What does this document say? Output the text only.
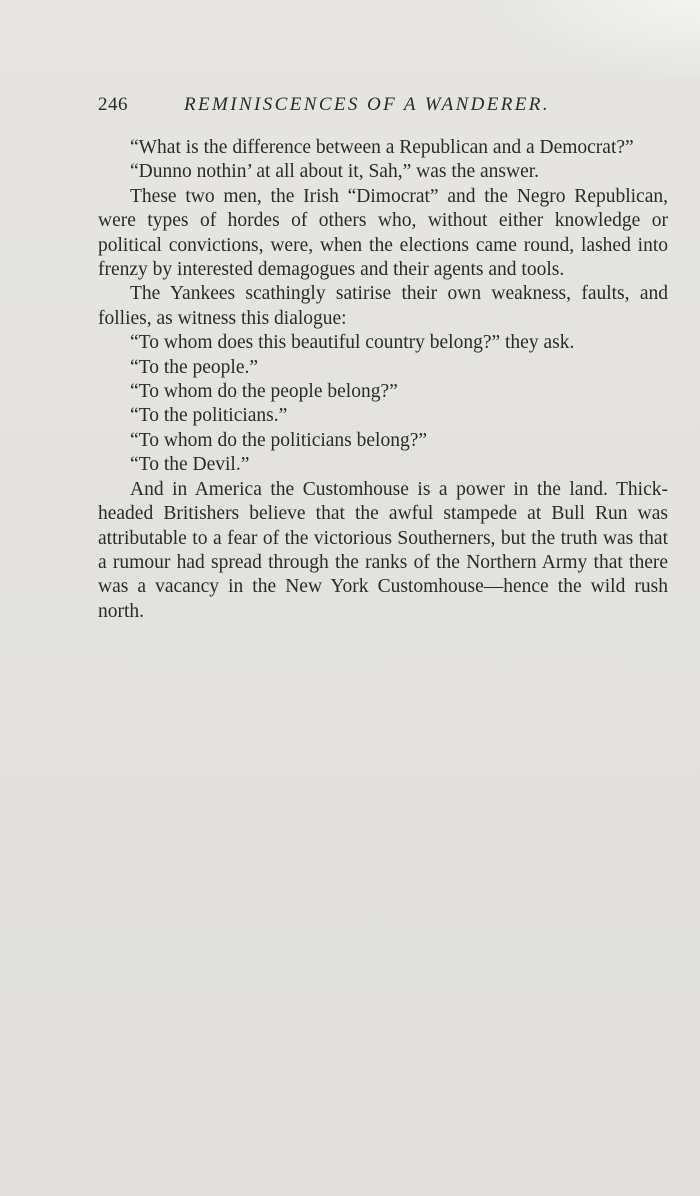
246	REMINISCENCES OF A WANDERER.

“What is the difference between a Republican and a Democrat?”

“Dunno nothin’ at all about it, Sah,” was the answer.

These two men, the Irish “Dimocrat” and the Negro Republican, were types of hordes of others who, without either knowledge or political convictions, were, when the elections came round, lashed into frenzy by interested demagogues and their agents and tools.

The Yankees scathingly satirise their own weakness, faults, and follies, as witness this dialogue:

“To whom does this beautiful country belong?” they ask.

“To the people.”

“To whom do the people belong?”

“To the politicians.”

“To whom do the politicians belong?”

“To the Devil.”

And in America the Customhouse is a power in the land. Thick-headed Britishers believe that the awful stampede at Bull Run was attributable to a fear of the victorious Southerners, but the truth was that a rumour had spread through the ranks of the Northern Army that there was a vacancy in the New York Customhouse—hence the wild rush north.
